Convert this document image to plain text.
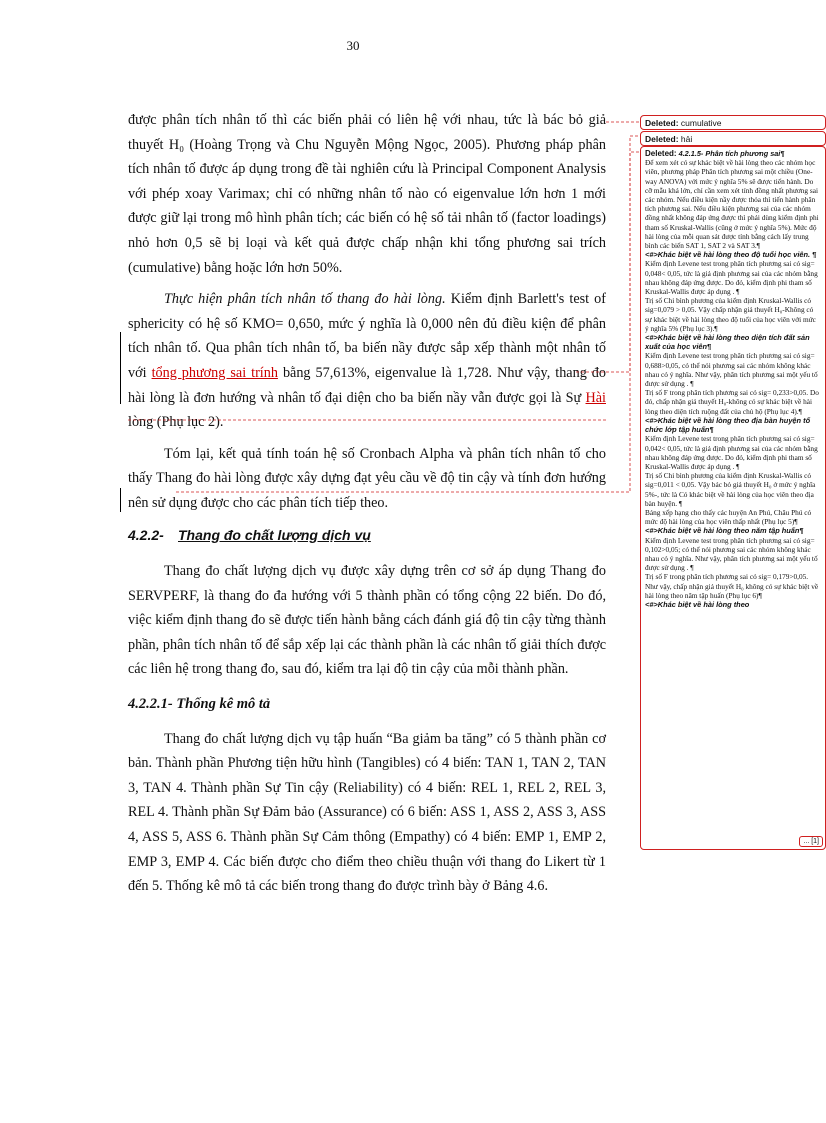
30

được phân tích nhân tố thì các biến phải có liên hệ với nhau, tức là bác bỏ giả thuyết H₀ (Hoàng Trọng và Chu Nguyễn Mộng Ngọc, 2005). Phương pháp phân tích nhân tố được áp dụng trong đề tài nghiên cứu là Principal Component Analysis với phép xoay Varimax; chỉ có những nhân tố nào có eigenvalue lớn hơn 1 mới được giữ lại trong mô hình phân tích; các biến có hệ số tải nhân tố (factor loadings) nhỏ hơn 0,5 sẽ bị loại và kết quả được chấp nhận khi tổng phương sai trích (cumulative) bằng hoặc lớn hơn 50%.

Thực hiện phân tích nhân tố thang đo hài lòng. Kiểm định Barlett's test of sphericity có hệ số KMO= 0,650, mức ý nghĩa là 0,000 nên đủ điều kiện để phân tích nhân tố. Qua phân tích nhân tố, ba biến nầy được sắp xếp thành một nhân tố với tổng phương sai trính bằng 57,613%, eigenvalue là 1,728. Như vậy, thang đo hài lòng là đơn hướng và nhân tố đại diện cho ba biến nầy vẫn được gọi là Sự Hài lòng (Phụ lục 2).

Tóm lại, kết quả tính toán hệ số Cronbach Alpha và phân tích nhân tố cho thấy Thang đo hài lòng được xây dựng đạt yêu cầu về độ tin cậy và tính đơn hướng nên sử dụng được cho các phân tích tiếp theo.

4.2.2- Thang đo chất lượng dịch vụ

Thang đo chất lượng dịch vụ được xây dựng trên cơ sở áp dụng Thang đo SERVPERF, là thang đo đa hướng với 5 thành phần có tổng cộng 22 biến. Do đó, việc kiểm định thang đo sẽ được tiến hành bằng cách đánh giá độ tin cậy từng thành phần, phân tích nhân tố để sắp xếp lại các thành phần là các nhân tố giải thích được các liên hệ trong thang đo, sau đó, kiểm tra lại độ tin cậy của mỗi thành phần.

4.2.2.1- Thống kê mô tả

Thang đo chất lượng dịch vụ tập huấn “Ba giảm ba tăng” có 5 thành phần cơ bản. Thành phần Phương tiện hữu hình (Tangibles) có 4 biến: TAN 1, TAN 2, TAN 3, TAN 4. Thành phần Sự Tin cậy (Reliability) có 4 biến: REL 1, REL 2, REL 3, REL 4. Thành phần Sự Đảm bảo (Assurance) có 6 biến: ASS 1, ASS 2, ASS 3, ASS 4, ASS 5, ASS 6. Thành phần Sự Cảm thông (Empathy) có 4 biến: EMP 1, EMP 2, EMP 3, EMP 4. Các biến được cho điểm theo chiều thuận với thang đo Likert từ 1 đến 5. Thống kê mô tả các biến trong thang đo được trình bày ở Bảng 4.6.

Deleted: cumulative
Deleted: hải
Deleted: 4.2.1.5- Phân tích phương sai¶
Để xem xét có sự khác biệt về hài lòng theo các nhóm học viên, phương pháp Phân tích phương sai một chiều (One-way ANOVA) với mức ý nghĩa 5% sẽ được tiến hành. Do cỡ mẫu khá lớn, chỉ cần xem xét tính đồng nhất phương sai các nhóm. Nếu điều kiện nầy được thỏa thì tiến hành phân tích phương sai. Nếu điều kiện phương sai của các nhóm đồng nhất không đáp ứng được thì phải dùng kiểm định phi tham số Kruskal-Wallis (cũng ở mức ý nghĩa 5%). Mức độ hài lòng của mỗi quan sát được tính bằng cách lấy trung bình các biến SAT 1, SAT 2 và SAT 3.¶
<#>Khác biệt về hài lòng theo độ tuổi học viên. ¶
Kiểm định Levene test trong phân tích phương sai có sig= 0,048< 0,05, tức là giả định phương sai của các nhóm bằng nhau không đáp ứng được. Do đó, kiểm định phi tham số Kruskal-Wallis được áp dụng . ¶
Trị số Chi bình phương của kiểm định Kruskal-Wallis có sig=0,079 > 0,05. Vậy chấp nhận giả thuyết H₀-Không có sự khác biệt về hài lòng theo độ tuổi của học viên với mức ý nghĩa 5% (Phụ lục 3).¶
<#>Khác biệt về hài lòng theo diện tích đất sản xuất của học viên¶
Kiểm định Levene test trong phân tích phương sai có sig= 0,688>0,05, có thể nói phương sai các nhóm không khác nhau có ý nghĩa. Như vậy, phân tích phương sai một yếu tố được sử dụng . ¶
Trị số F trong phân tích phương sai có sig= 0,233>0,05. Do đó, chấp nhận giả thuyết H₀-không có sự khác biệt về hài lòng theo diện tích ruộng đất của chủ hộ (Phụ lục 4).¶
<#>Khác biệt về hài lòng theo địa bàn huyện tổ chức lớp tập huấn¶
Kiểm định Levene test trong phân tích phương sai có sig= 0,042< 0,05, tức là giả định phương sai của các nhóm bằng nhau không đáp ứng được. Do đó, kiểm định phi tham số Kruskal-Wallis được áp dụng . ¶
Trị số Chi bình phương của kiểm định Kruskal-Wallis có sig=0,011 < 0,05. Vậy bác bỏ giả thuyết H₀ ở mức ý nghĩa 5%-, tức là Có khác biệt về hài lòng của học viên theo địa bàn huyện. ¶
Bảng xếp hạng cho thấy các huyện An Phú, Châu Phú có mức độ hài lòng của học viên thấp nhất (Phụ lục 5)¶
<#>Khác biệt về hài lòng theo năm tập huấn¶
Kiểm định Levene test trong phân tích phương sai có sig= 0,102>0,05; có thể nói phương sai các nhóm không khác nhau có ý nghĩa. Như vậy, phân tích phương sai một yếu tố được sử dụng . ¶
Trị số F trong phân tích phương sai có sig= 0,179>0,05. Như vậy, chấp nhận giả thuyết H₀ không có sự khác biệt về hài lòng theo năm tập huấn (Phụ lục 6)¶
<#>Khác biệt về hài lòng theo
... [1]
